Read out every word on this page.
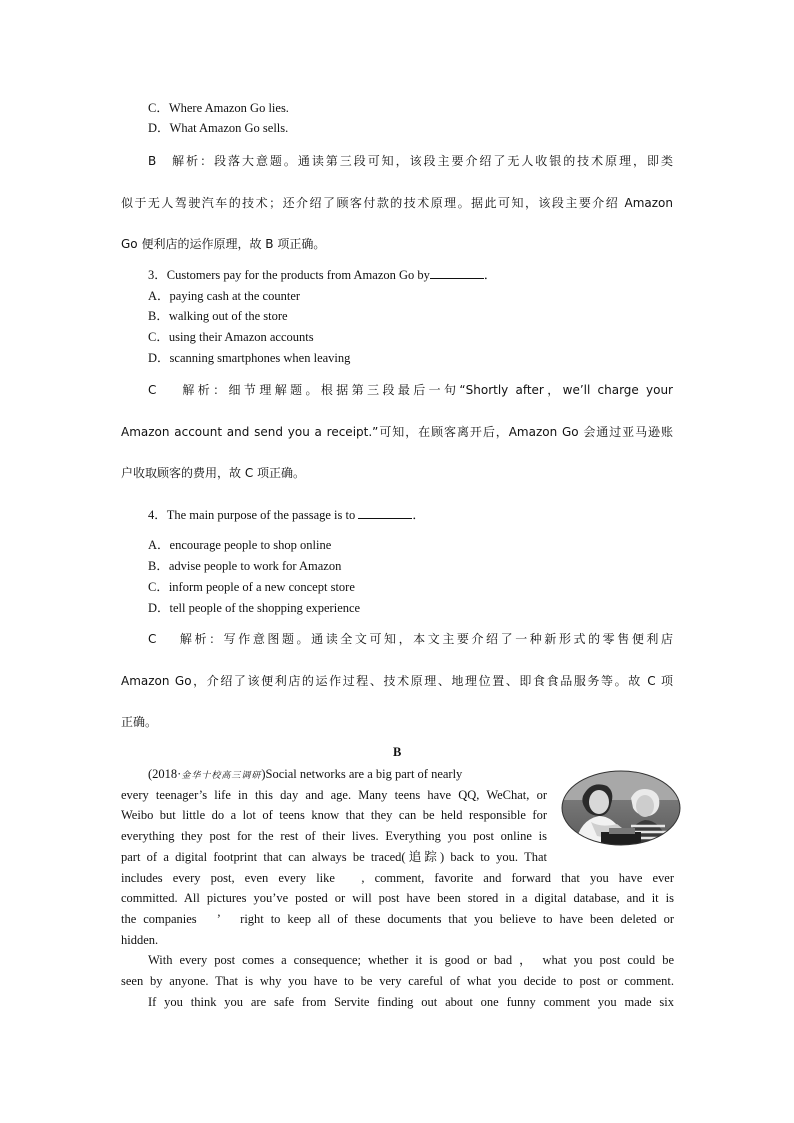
C．Where Amazon Go lies.
D．What Amazon Go sells.
B　解析：段落大意题。通读第三段可知，该段主要介绍了无人收银的技术原理，即类
似于无人驾驶汽车的技术；还介绍了顾客付款的技术原理。据此可知，该段主要介绍 Amazon
Go 便利店的运作原理，故 B 项正确。
3．Customers pay for the products from Amazon Go by	．
A．paying cash at the counter
B．walking out of the store
C．using their Amazon accounts
D．scanning smartphones when leaving
C　 解析：细节理解题。根据第三段最后一句“Shortly after，we’ll charge your
Amazon account and send you a receipt.”可知，在顾客离开后，Amazon Go 会通过亚马逊账
户收取顾客的费用，故 C 项正确。
4．The main purpose of the passage is to	．
A．encourage people to shop online
B．advise people to work for Amazon
C．inform people of a new concept store
D．tell people of the shopping experience
C　 解析：写作意图题。通读全文可知，本文主要介绍了一种新形式的零售便利店
Amazon Go，介绍了该便利店的运作过程、技术原理、地理位置、即食食品服务等。故 C 项
正确。
B
(2018·金华十校高三调研)Social networks are a big part of nearly
every teenager’s life in this day and age. Many teens have QQ, WeChat, or
Weibo but little do a lot of teens know that they can be held responsible for
everything they post for the rest of their lives. Everything you post online is
part of a digital footprint that can always be traced(追踪) back to you. That
includes every post, even every like　, comment, favorite and forward that you have ever
committed. All pictures you’ve posted or will post have been stored in a digital database, and it is
the companies　’　right to keep all of these documents that you believe to have been deleted or
hidden.
With every post comes a consequence; whether it is good or bad ， what you post could be
seen by anyone. That is why you have to be very careful of what you decide to post or comment.
If you think you are safe from Servite finding out about one funny comment you made six
